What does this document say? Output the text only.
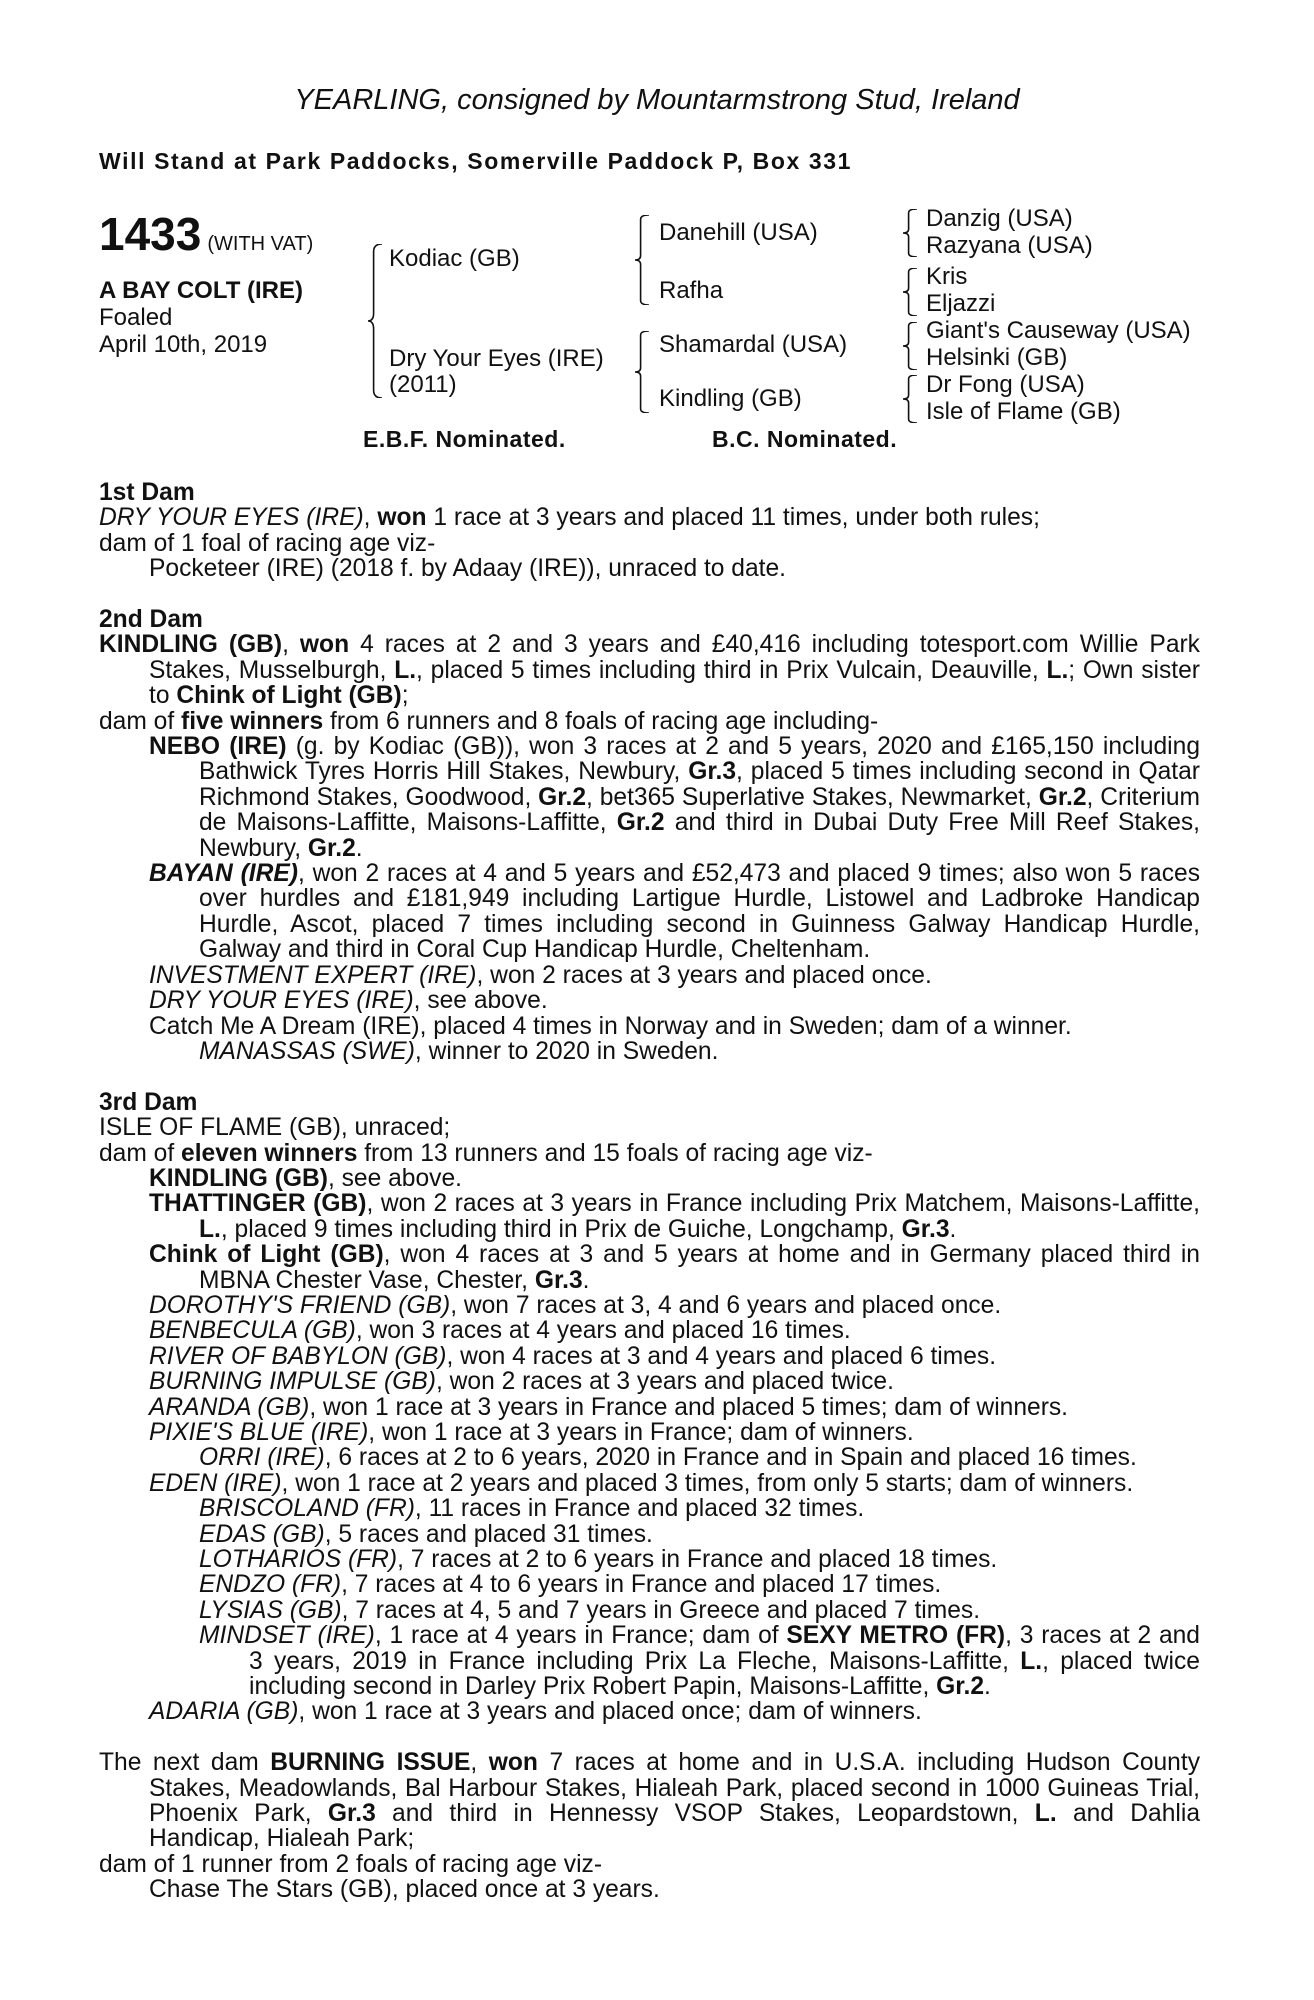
YEARLING, consigned by Mountarmstrong Stud, Ireland
Will Stand at Park Paddocks, Somerville Paddock P, Box 331
1433 (WITH VAT)
A BAY COLT (IRE)
Foaled
April 10th, 2019
Kodiac (GB)
Dry Your Eyes (IRE)
(2011)
Danehill (USA)
Rafha
Shamardal (USA)
Kindling (GB)
Danzig (USA)
Razyana (USA)
Kris
Eljazzi
Giant's Causeway (USA)
Helsinki (GB)
Dr Fong (USA)
Isle of Flame (GB)
E.B.F. Nominated.	B.C. Nominated.
1st Dam
DRY YOUR EYES (IRE), won 1 race at 3 years and placed 11 times, under both rules;
dam of 1 foal of racing age viz-
Pocketeer (IRE) (2018 f. by Adaay (IRE)), unraced to date.
2nd Dam
KINDLING (GB), won 4 races at 2 and 3 years and £40,416 including totesport.com Willie Park Stakes, Musselburgh, L., placed 5 times including third in Prix Vulcain, Deauville, L.; Own sister to Chink of Light (GB);
dam of five winners from 6 runners and 8 foals of racing age including-
NEBO (IRE) (g. by Kodiac (GB)), won 3 races at 2 and 5 years, 2020 and £165,150 including Bathwick Tyres Horris Hill Stakes, Newbury, Gr.3, placed 5 times including second in Qatar Richmond Stakes, Goodwood, Gr.2, bet365 Superlative Stakes, Newmarket, Gr.2, Criterium de Maisons-Laffitte, Maisons-Laffitte, Gr.2 and third in Dubai Duty Free Mill Reef Stakes, Newbury, Gr.2.
BAYAN (IRE), won 2 races at 4 and 5 years and £52,473 and placed 9 times; also won 5 races over hurdles and £181,949 including Lartigue Hurdle, Listowel and Ladbroke Handicap Hurdle, Ascot, placed 7 times including second in Guinness Galway Handicap Hurdle, Galway and third in Coral Cup Handicap Hurdle, Cheltenham.
INVESTMENT EXPERT (IRE), won 2 races at 3 years and placed once.
DRY YOUR EYES (IRE), see above.
Catch Me A Dream (IRE), placed 4 times in Norway and in Sweden; dam of a winner.
MANASSAS (SWE), winner to 2020 in Sweden.
3rd Dam
ISLE OF FLAME (GB), unraced;
dam of eleven winners from 13 runners and 15 foals of racing age viz-
KINDLING (GB), see above.
THATTINGER (GB), won 2 races at 3 years in France including Prix Matchem, Maisons-Laffitte, L., placed 9 times including third in Prix de Guiche, Longchamp, Gr.3.
Chink of Light (GB), won 4 races at 3 and 5 years at home and in Germany placed third in MBNA Chester Vase, Chester, Gr.3.
DOROTHY'S FRIEND (GB), won 7 races at 3, 4 and 6 years and placed once.
BENBECULA (GB), won 3 races at 4 years and placed 16 times.
RIVER OF BABYLON (GB), won 4 races at 3 and 4 years and placed 6 times.
BURNING IMPULSE (GB), won 2 races at 3 years and placed twice.
ARANDA (GB), won 1 race at 3 years in France and placed 5 times; dam of winners.
PIXIE'S BLUE (IRE), won 1 race at 3 years in France; dam of winners.
ORRI (IRE), 6 races at 2 to 6 years, 2020 in France and in Spain and placed 16 times.
EDEN (IRE), won 1 race at 2 years and placed 3 times, from only 5 starts; dam of winners.
BRISCOLAND (FR), 11 races in France and placed 32 times.
EDAS (GB), 5 races and placed 31 times.
LOTHARIOS (FR), 7 races at 2 to 6 years in France and placed 18 times.
ENDZO (FR), 7 races at 4 to 6 years in France and placed 17 times.
LYSIAS (GB), 7 races at 4, 5 and 7 years in Greece and placed 7 times.
MINDSET (IRE), 1 race at 4 years in France; dam of SEXY METRO (FR), 3 races at 2 and 3 years, 2019 in France including Prix La Fleche, Maisons-Laffitte, L., placed twice including second in Darley Prix Robert Papin, Maisons-Laffitte, Gr.2.
ADARIA (GB), won 1 race at 3 years and placed once; dam of winners.
The next dam BURNING ISSUE, won 7 races at home and in U.S.A. including Hudson County Stakes, Meadowlands, Bal Harbour Stakes, Hialeah Park, placed second in 1000 Guineas Trial, Phoenix Park, Gr.3 and third in Hennessy VSOP Stakes, Leopardstown, L. and Dahlia Handicap, Hialeah Park;
dam of 1 runner from 2 foals of racing age viz-
Chase The Stars (GB), placed once at 3 years.
